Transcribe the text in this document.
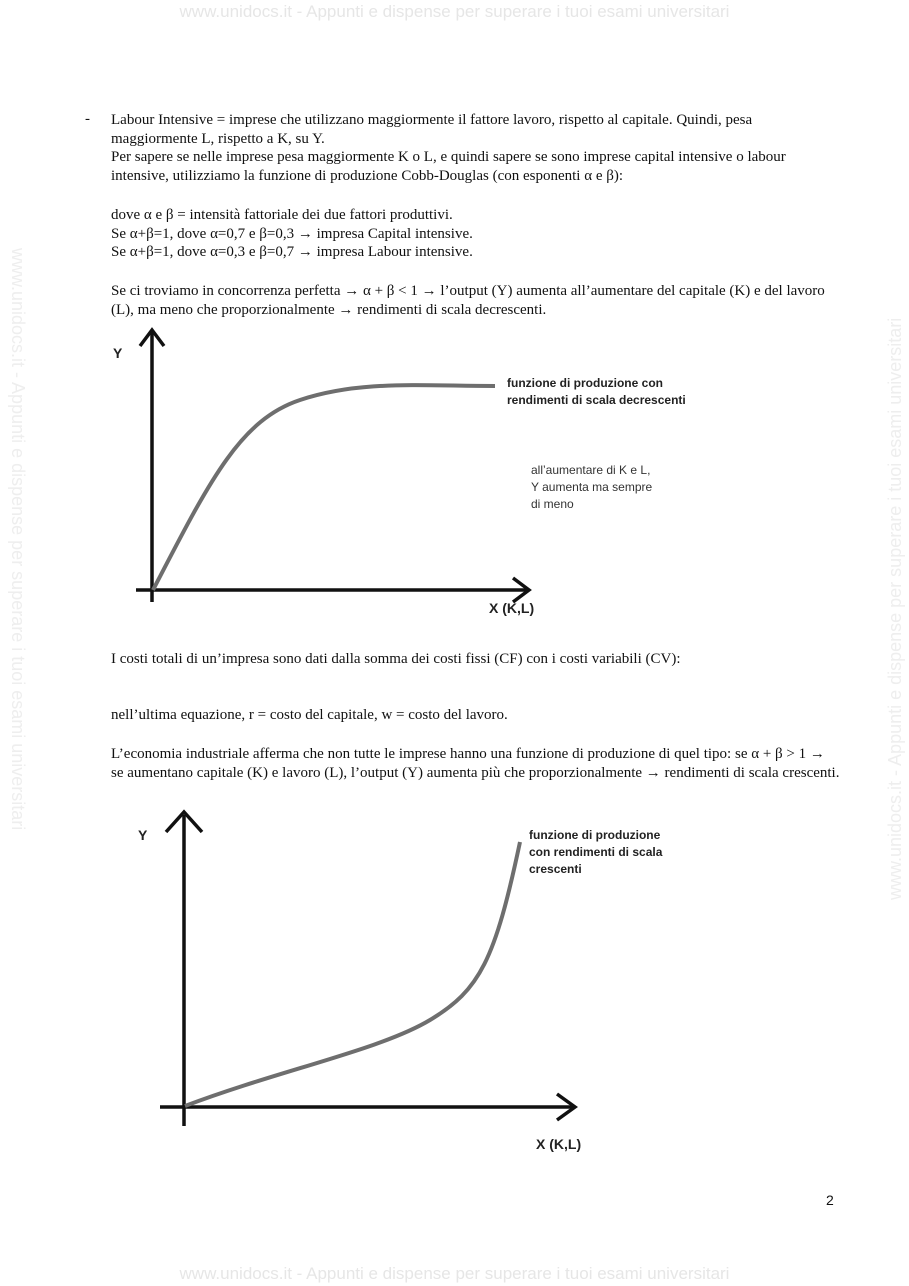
www.unidocs.it - Appunti e dispense per superare i tuoi esami universitari
www.unidocs.it - Appunti e dispense per superare i tuoi esami universitari
www.unidocs.it - Appunti e dispense per superare i tuoi esami universitari	www.unidocs.it - Appunti e dispense per superare i tuoi esami universitari
- Labour Intensive = imprese che utilizzano maggiormente il fattore lavoro, rispetto al capitale. Quindi, pesa maggiormente L, rispetto a K, su Y.

Per sapere se nelle imprese pesa maggiormente K o L, e quindi sapere se sono imprese capital intensive o labour intensive, utilizziamo la funzione di produzione Cobb-Douglas (con esponenti α e β):

dove α e β = intensità fattoriale dei due fattori produttivi.

Se α+β=1, dove α=0,7 e β=0,3 → impresa Capital intensive.

Se α+β=1, dove α=0,3 e β=0,7 → impresa Labour intensive.

Se ci troviamo in concorrenza perfetta → α + β < 1 → l’output (Y) aumenta all’aumentare del capitale (K) e del lavoro (L), ma meno che proporzionalmente → rendimenti di scala decrescenti.

Y
X (K,L)
funzione di produzione con
rendimenti di scala decrescenti
all’aumentare di K e L,
Y aumenta ma sempre
di meno

I costi totali di un’impresa sono dati dalla somma dei costi fissi (CF) con i costi variabili (CV):

nell’ultima equazione, r = costo del capitale, w = costo del lavoro.

L’economia industriale afferma che non tutte le imprese hanno una funzione di produzione di quel tipo: se α + β > 1 → se aumentano capitale (K) e lavoro (L), l’output (Y) aumenta più che proporzionalmente → rendimenti di scala crescenti.

Y
X (K,L)
funzione di produzione
con rendimenti di scala
crescenti
2
